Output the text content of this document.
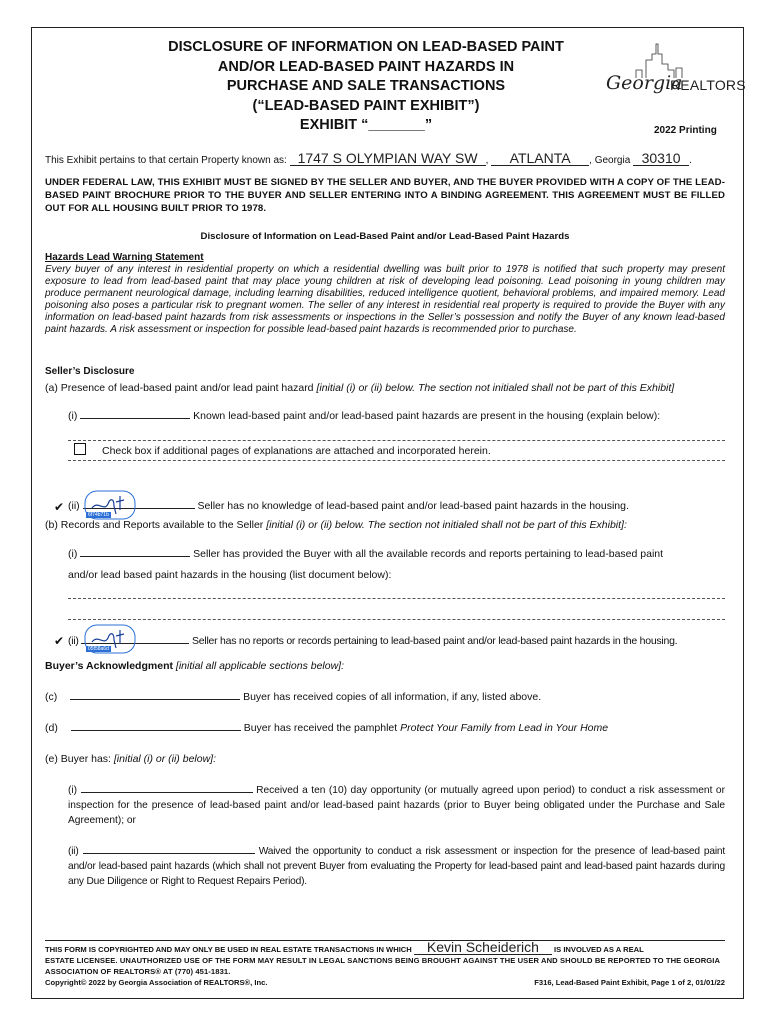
DISCLOSURE OF INFORMATION ON LEAD-BASED PAINT
AND/OR LEAD-BASED PAINT HAZARDS IN
PURCHASE AND SALE TRANSACTIONS
(“LEAD-BASED PAINT EXHIBIT”)
EXHIBIT “_______”
Georgia
REALTORS
2022 Printing
This Exhibit pertains to that certain Property known as: 1747 S OLYMPIAN WAY SW , ATLANTA , Georgia 30310 .
UNDER FEDERAL LAW, THIS EXHIBIT MUST BE SIGNED BY THE SELLER AND BUYER, AND THE BUYER PROVIDED WITH A COPY OF THE LEAD-BASED PAINT BROCHURE PRIOR TO THE BUYER AND SELLER ENTERING INTO A BINDING AGREEMENT. THIS AGREEMENT MUST BE FILLED OUT FOR ALL HOUSING BUILT PRIOR TO 1978.
Disclosure of Information on Lead-Based Paint and/or Lead-Based Paint Hazards
Hazards Lead Warning Statement
Every buyer of any interest in residential property on which a residential dwelling was built prior to 1978 is notified that such property may present exposure to lead from lead-based paint that may place young children at risk of developing lead poisoning. Lead poisoning in young children may produce permanent neurological damage, including learning disabilities, reduced intelligence quotient, behavioral problems, and impaired memory. Lead poisoning also poses a particular risk to pregnant women. The seller of any interest in residential real property is required to provide the Buyer with any information on lead-based paint hazards from risk assessments or inspections in the Seller’s possession and notify the Buyer of any known lead-based paint hazards. A risk assessment or inspection for possible lead-based paint hazards is recommended prior to purchase.
Seller’s Disclosure
(a) Presence of lead-based paint and/or lead paint hazard [initial (i) or (ii) below. The section not initialed shall not be part of this Exhibit]
(i)	Known lead-based paint and/or lead-based paint hazards are present in the housing (explain below):
Check box if additional pages of explanations are attached and incorporated herein.
✔ (ii)	Seller has no knowledge of lead-based paint and/or lead-based paint hazards in the housing.
6f74b71b
(b) Records and Reports available to the Seller [initial (i) or (ii) below. The section not initialed shall not be part of this Exhibit]:
(i)	Seller has provided the Buyer with all the available records and reports pertaining to lead-based paint
and/or lead based paint hazards in the housing (list document below):
✔ (ii)	Seller has no reports or records pertaining to lead-based paint and/or lead-based paint hazards in the housing.
05f58a6d
Buyer’s Acknowledgment [initial all applicable sections below]:
(c)	Buyer has received copies of all information, if any, listed above.
(d)	Buyer has received the pamphlet Protect Your Family from Lead in Your Home
(e) Buyer has: [initial (i) or (ii) below]:
(i)	Received a ten (10) day opportunity (or mutually agreed upon period) to conduct a risk assessment or inspection for the presence of lead-based paint and/or lead-based paint hazards (prior to Buyer being obligated under the Purchase and Sale Agreement); or
(ii)	Waived the opportunity to conduct a risk assessment or inspection for the presence of lead-based paint and/or lead-based paint hazards (which shall not prevent Buyer from evaluating the Property for lead-based paint and lead-based paint hazards during any Due Diligence or Right to Request Repairs Period).
THIS FORM IS COPYRIGHTED AND MAY ONLY BE USED IN REAL ESTATE TRANSACTIONS IN WHICH Kevin Scheiderich IS INVOLVED AS A REAL
ESTATE LICENSEE. UNAUTHORIZED USE OF THE FORM MAY RESULT IN LEGAL SANCTIONS BEING BROUGHT AGAINST THE USER AND SHOULD BE REPORTED TO THE GEORGIA ASSOCIATION OF REALTORS® AT (770) 451-1831.
Copyright© 2022 by Georgia Association of REALTORS®, Inc.	F316, Lead-Based Paint Exhibit, Page 1 of 2, 01/01/22
